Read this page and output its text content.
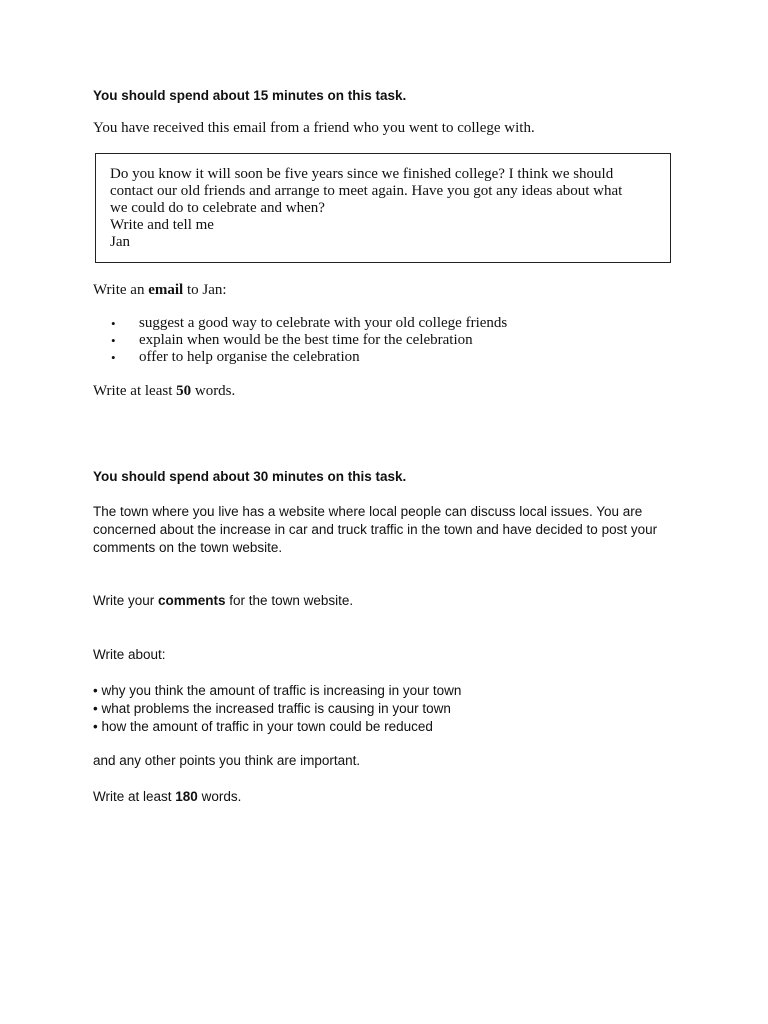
You should spend about 15 minutes on this task.

You have received this email from a friend who you went to college with.

Do you know it will soon be five years since we finished college? I think we should
contact our old friends and arrange to meet again. Have you got any ideas about what
we could do to celebrate and when?
Write and tell me
Jan

Write an email to Jan:

• suggest a good way to celebrate with your old college friends
• explain when would be the best time for the celebration
• offer to help organise the celebration

Write at least 50 words.

You should spend about 30 minutes on this task.

The town where you live has a website where local people can discuss local issues. You are concerned about the increase in car and truck traffic in the town and have decided to post your comments on the town website.

Write your comments for the town website.

Write about:

• why you think the amount of traffic is increasing in your town
• what problems the increased traffic is causing in your town
• how the amount of traffic in your town could be reduced

and any other points you think are important.

Write at least 180 words.
